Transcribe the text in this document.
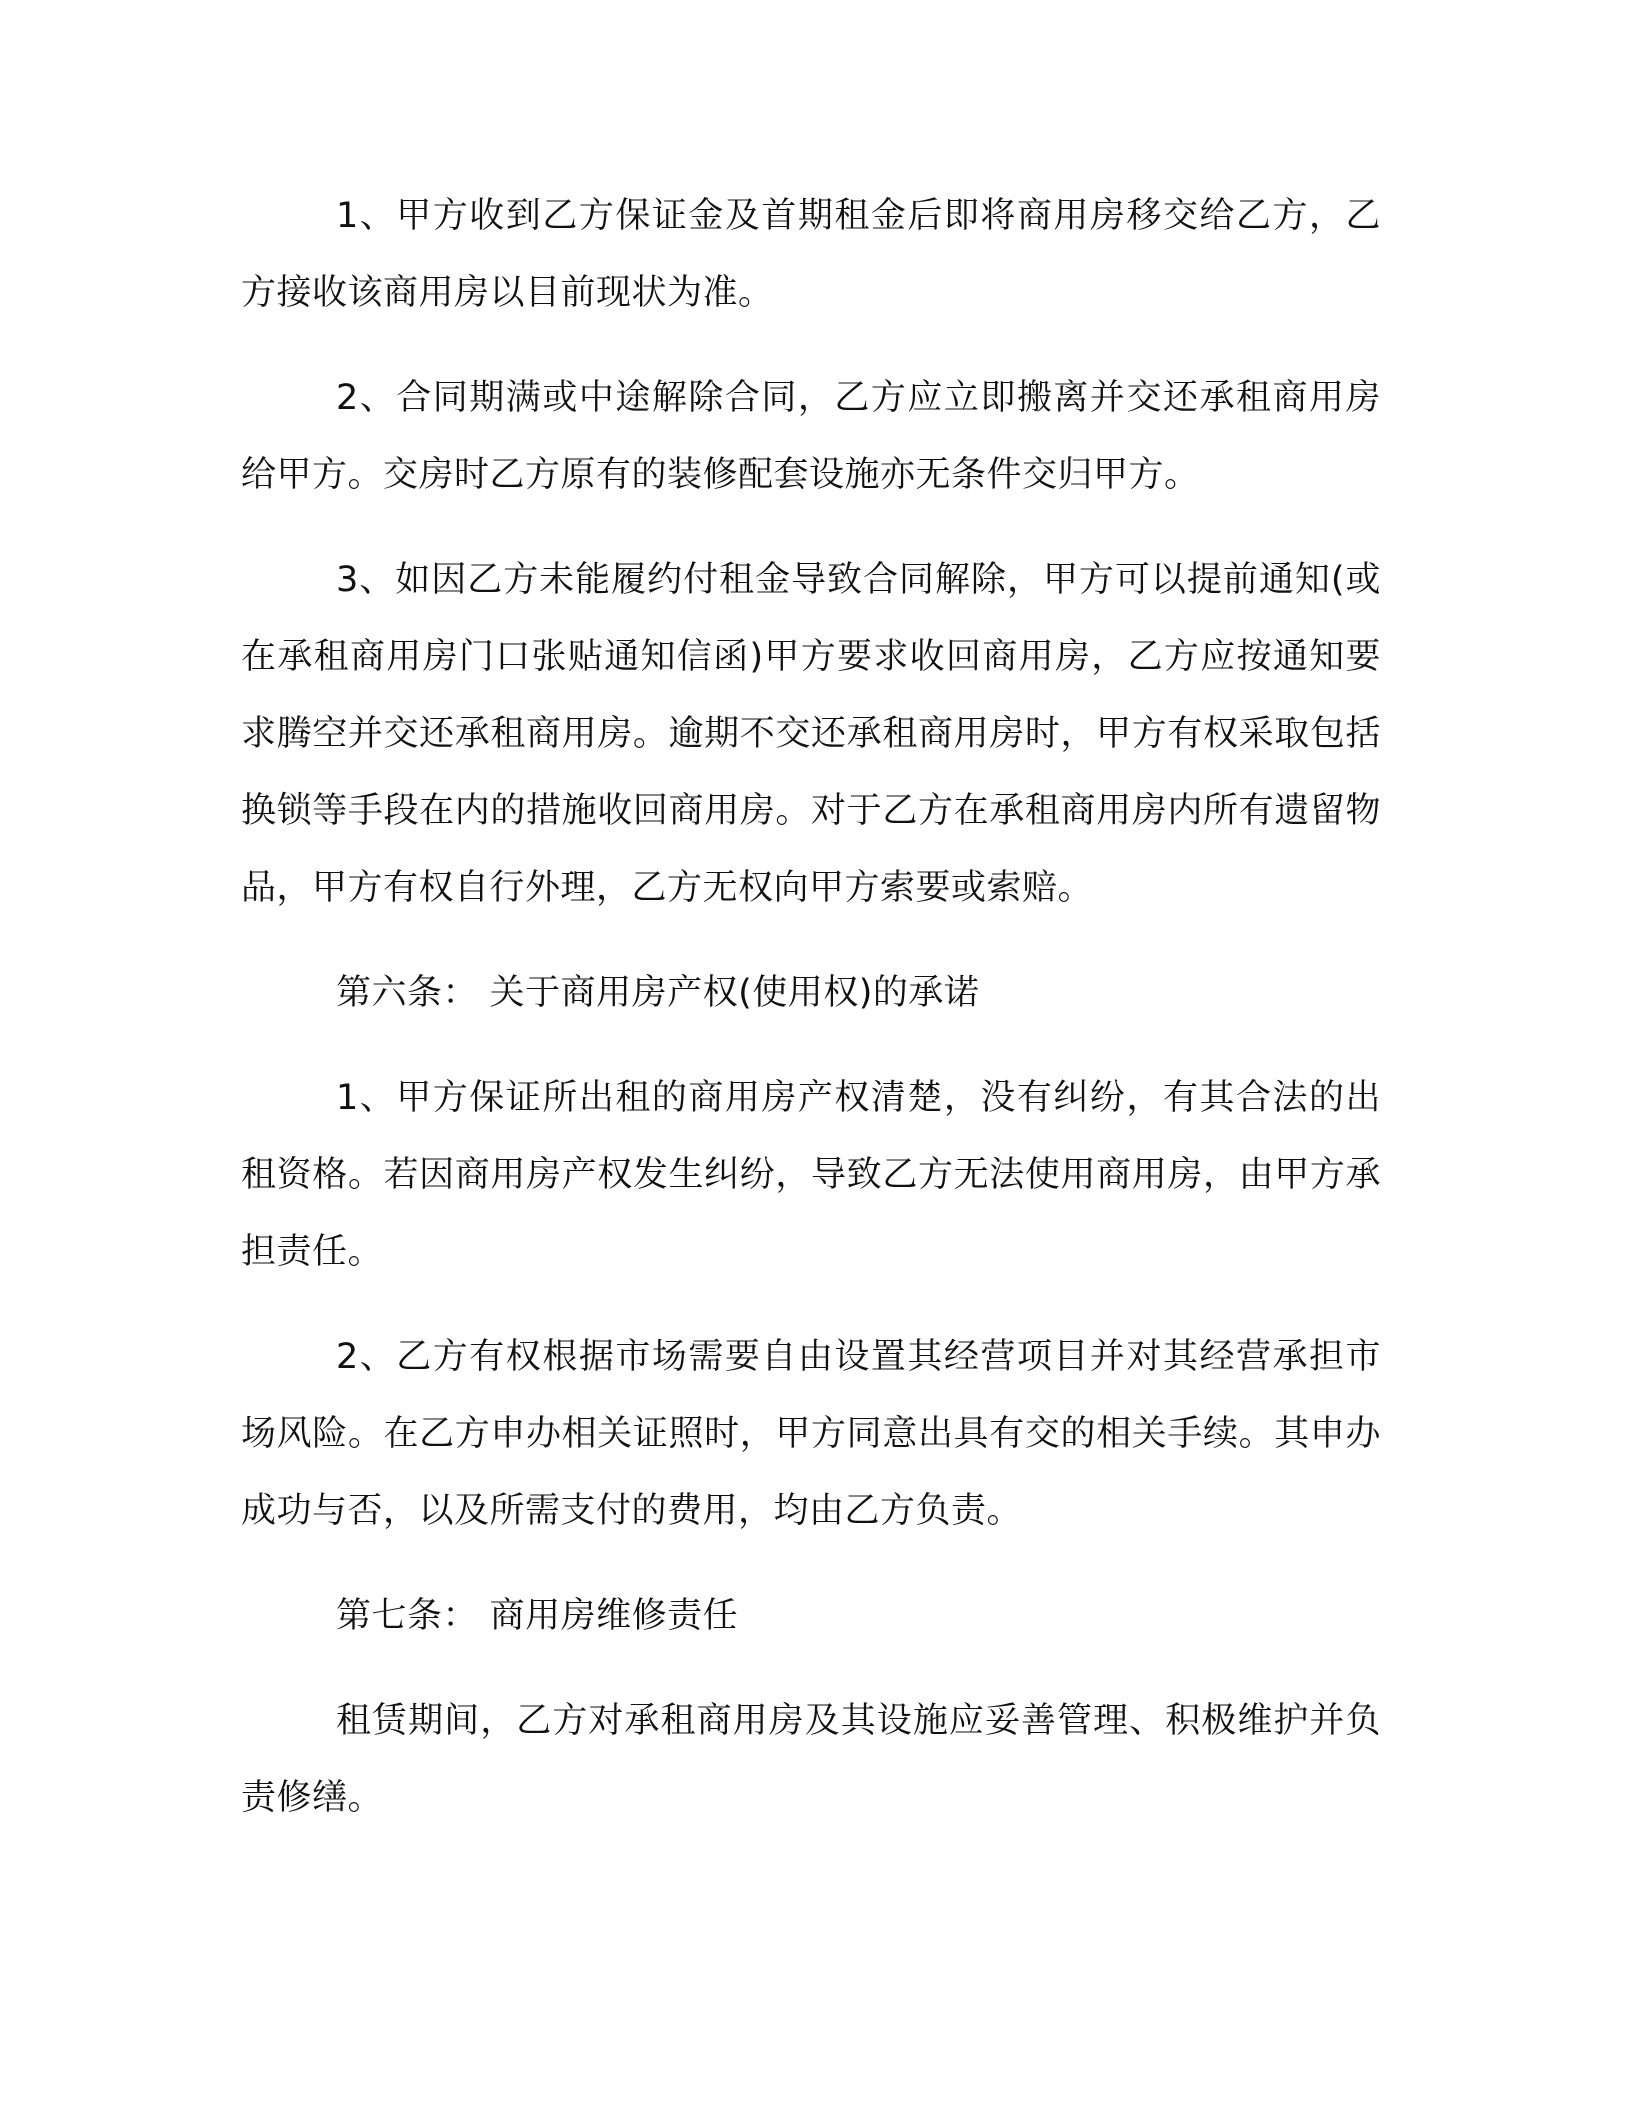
1、甲方收到乙方保证金及首期租金后即将商用房移交给乙方，乙方接收该商用房以目前现状为准。

2、合同期满或中途解除合同，乙方应立即搬离并交还承租商用房给甲方。交房时乙方原有的装修配套设施亦无条件交归甲方。

3、如因乙方未能履约付租金导致合同解除，甲方可以提前通知(或在承租商用房门口张贴通知信函)甲方要求收回商用房，乙方应按通知要求腾空并交还承租商用房。逾期不交还承租商用房时，甲方有权采取包括换锁等手段在内的措施收回商用房。对于乙方在承租商用房内所有遗留物品，甲方有权自行外理，乙方无权向甲方索要或索赔。

第六条： 关于商用房产权(使用权)的承诺

1、甲方保证所出租的商用房产权清楚，没有纠纷，有其合法的出租资格。若因商用房产权发生纠纷，导致乙方无法使用商用房，由甲方承担责任。

2、乙方有权根据市场需要自由设置其经营项目并对其经营承担市场风险。在乙方申办相关证照时，甲方同意出具有交的相关手续。其申办成功与否，以及所需支付的费用，均由乙方负责。

第七条： 商用房维修责任

租赁期间，乙方对承租商用房及其设施应妥善管理、积极维护并负责修缮。
